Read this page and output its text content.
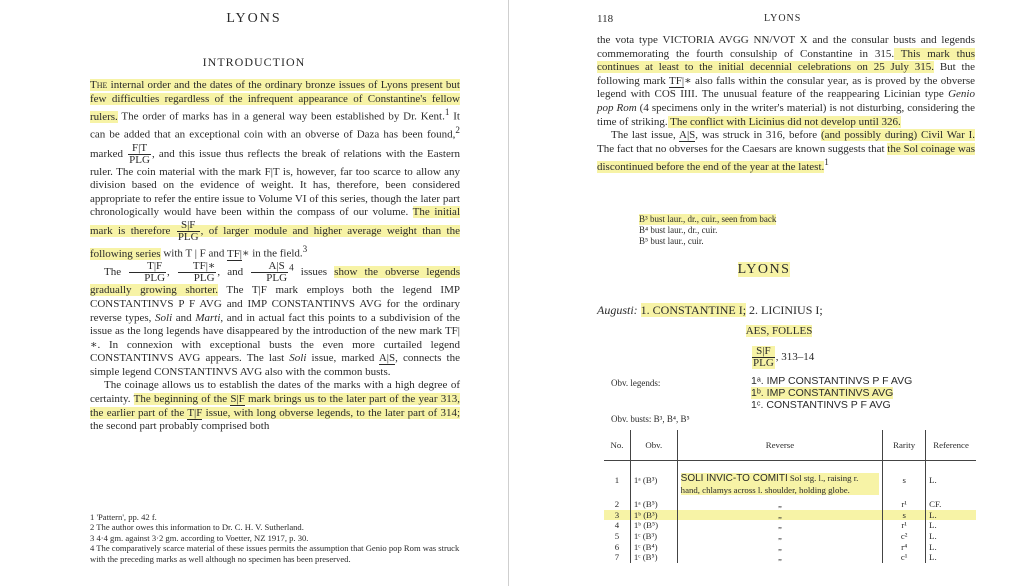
LYONS
INTRODUCTION

The internal order and the dates of the ordinary bronze issues of Lyons present but few difficulties regardless of the infrequent appearance of Constantine's fellow rulers. The order of marks has in a general way been established by Dr. Kent.$^1$ It can be added that an exceptional coin with an obverse of Daza has been found,$^2$ marked $\frac{F|T}{\text{PLG}}$ , and this issue thus reflects the break of relations with the Eastern ruler. The coin material with the mark F|T is, however, far too scarce to allow any division based on the evidence of weight. It has, therefore, been considered appropriate to refer the entire issue to Volume VI of this series, though the later part chronologically would have been within the compass of our volume. The initial mark is therefore $\frac{S|F}{\text{PLG}}$ , of larger module and higher average weight than the following series with T | F and TF|∗ in the field.$^3$

The $\frac{T|F}{\text{PLG}}$ , $\frac{TF|∗}{\text{PLG}}$ , and $\frac{A|S}{\text{PLG}} ^4$ issues show the obverse legends gradually growing shorter. The T|F mark employs both the legend IMP CONSTANTINVS P F AVG and IMP CONSTANTINVS AVG for the ordinary reverse types, Soli and Marti, and in actual fact this points to a subdivision of the issue as the long legends have disappeared by the introduction of the new mark TF|∗. In connexion with exceptional busts the even more curtailed legend CONSTANTINVS AVG appears. The last Soli issue, marked A|S, connects the simple legend CONSTANTINVS AVG also with the common busts.

The coinage allows us to establish the dates of the marks with a high degree of certainty. The beginning of the S|F mark brings us to the later part of the year 313, the earlier part of the T|F issue, with long obverse legends, to the later part of 314; the second part probably comprised both

1 'Pattern', pp. 42 f.
2 The author owes this information to Dr. C. H. V. Sutherland.
3 4·4 gm. against 3·2 gm. according to Voetter, NZ 1917, p. 30.
4 The comparatively scarce material of these issues permits the assumption that Genio pop Rom was struck with the preceding marks as well although no specimen has been preserved.
118	LYONS

the vota type VICTORIA AVGG NN/VOT X and the consular busts and legends commemorating the fourth consulship of Constantine in 315. This mark thus continues at least to the initial decennial celebrations on 25 July 315. But the following mark TF|∗ also falls within the consular year, as is proved by the obverse legend with COS IIII. The unusual feature of the reappearing Licinian type Genio pop Rom (4 specimens only in the writer's material) is not disturbing, considering the time of striking. The conflict with Licinius did not develop until 326.

The last issue, A|S, was struck in 316, before (and possibly during) Civil War I. The fact that no obverses for the Caesars are known suggests that the Sol coinage was discontinued before the end of the year at the latest.$^1$

B³ bust laur., dr., cuir., seen from back
B⁴ bust laur., dr., cuir.
B⁵ bust laur., cuir.
LYONS
Augusti: 1. CONSTANTINE I; 2. LICINIUS I;
AES, FOLLES
$\frac{S|F}{\text{PLG}}$ , 313–14
Obv. legends:	1ᵃ. IMP CONSTANTINVS P F AVG
1ᵇ. IMP CONSTANTINVS AVG
1ᶜ. CONSTANTINVS P F AVG
Obv. busts: B³, B⁴, B⁵
No.	Obv.	Reverse	Rarity	Reference
1	1ᵃ (B³)	SOLI INVIC-TO COMITI Sol stg. l., raising r. hand, chlamys across l. shoulder, holding globe.	s	L.
2	1ᵃ (B⁵)	„	r¹	CF.
3	1ᵇ (B³)	„	s	L.
4	1ᵇ (B⁵)	„	r¹	L.
5	1ᶜ (B³)	„	c²	L.
6	1ᶜ (B⁴)	„	r⁴	L.
7	1ᶜ (B⁵)	„	c¹	L.
